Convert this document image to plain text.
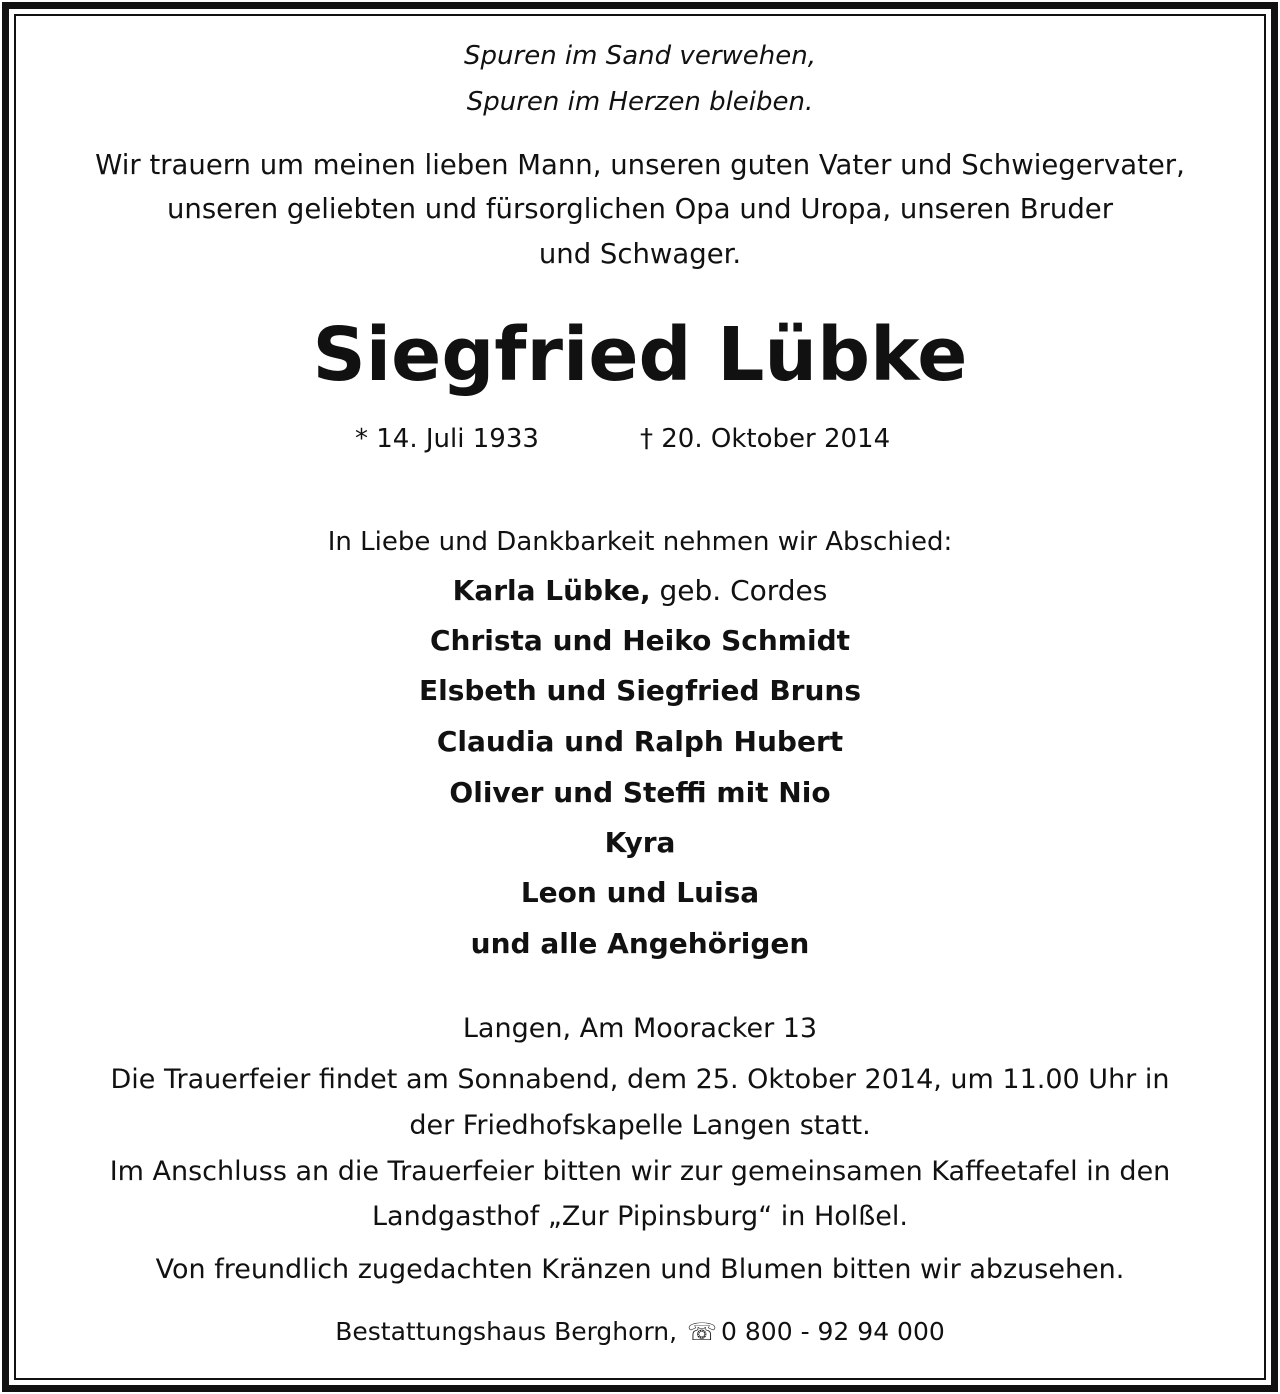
Spuren im Sand verwehen,

Spuren im Herzen bleiben.

Wir trauern um meinen lieben Mann, unseren guten Vater und Schwiegervater,

unseren geliebten und fürsorglichen Opa und Uropa, unseren Bruder

und Schwager.

Siegfried Lübke

* 14. Juli 1933	† 20. Oktober 2014

In Liebe und Dankbarkeit nehmen wir Abschied:

Karla Lübke, geb. Cordes

Christa und Heiko Schmidt

Elsbeth und Siegfried Bruns

Claudia und Ralph Hubert

Oliver und Steffi mit Nio

Kyra

Leon und Luisa

und alle Angehörigen

Langen, Am Mooracker 13

Die Trauerfeier findet am Sonnabend, dem 25. Oktober 2014, um 11.00 Uhr in

der Friedhofskapelle Langen statt.

Im Anschluss an die Trauerfeier bitten wir zur gemeinsamen Kaffeetafel in den

Landgasthof „Zur Pipinsburg“ in Holßel.

Von freundlich zugedachten Kränzen und Blumen bitten wir abzusehen.

Bestattungshaus Berghorn, ☏ 0 800 - 92 94 000
